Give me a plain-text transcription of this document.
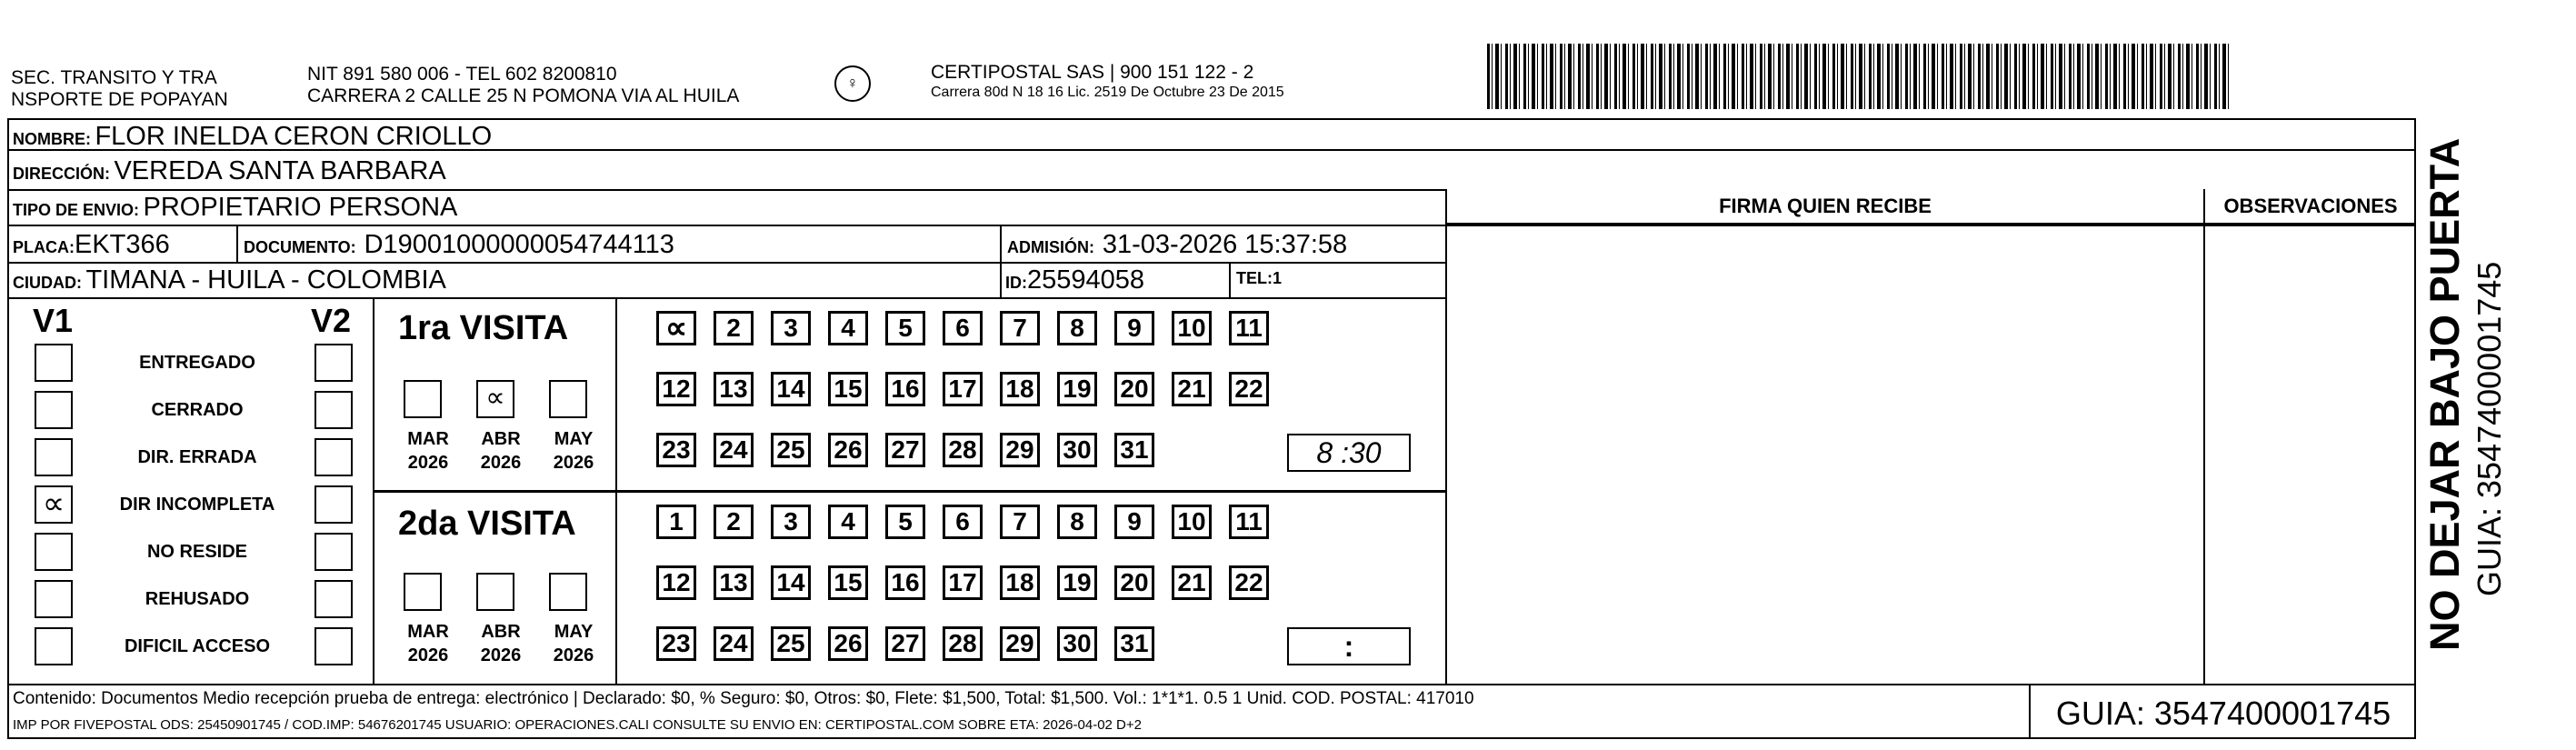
SEC. TRANSITO Y TRA
NSPORTE DE POPAYAN
NIT 891 580 006 - TEL 602 8200810
CARRERA 2 CALLE 25 N POMONA VIA AL HUILA
♀	CERTIPOSTAL SAS | 900 151 122 - 2
Carrera 80d N 18 16 Lic. 2519 De Octubre 23 De 2015
NOMBRE: FLOR INELDA CERON CRIOLLO
DIRECCIÓN: VEREDA SANTA BARBARA
TIPO DE ENVIO: PROPIETARIO PERSONA
PLACA:EKT366	DOCUMENTO: D19001000000054744113	ADMISIÓN: 31-03-2026 15:37:58
CIUDAD: TIMANA - HUILA - COLOMBIA	ID:25594058	TEL:1
FIRMA QUIEN RECIBE	OBSERVACIONES
V1	V2
ENTREGADO
CERRADO
DIR. ERRADA
∝	DIR INCOMPLETA
NO RESIDE
REHUSADO
DIFICIL ACCESO
1ra VISITA
2da VISITA
MAR
2026
∝
ABR
2026
MAY
2026
MAR
2026
ABR
2026
MAY
2026
∝	2	3	4	5	6	7	8	9	10 11
12 13 14 15 16 17 18 19 20 21 22
23 24 25 26 27 28 29 30 31
1	2	3	4	5	6	7	8	9	10 11
12 13 14 15 16 17 18 19 20 21 22
23 24 25 26 27 28 29 30 31
8 :30
:
Contenido: Documentos Medio recepción prueba de entrega: electrónico | Declarado: $0, % Seguro: $0, Otros: $0, Flete: $1,500, Total: $1,500. Vol.: 1*1*1. 0.5 1 Unid. COD. POSTAL: 417010
IMP POR FIVEPOSTAL ODS: 25450901745 / COD.IMP: 54676201745 USUARIO: OPERACIONES.CALI CONSULTE SU ENVIO EN: CERTIPOSTAL.COM SOBRE ETA: 2026-04-02 D+2	GUIA: 3547400001745
NO DEJAR BAJO PUERTA GUIA: 3547400001745
